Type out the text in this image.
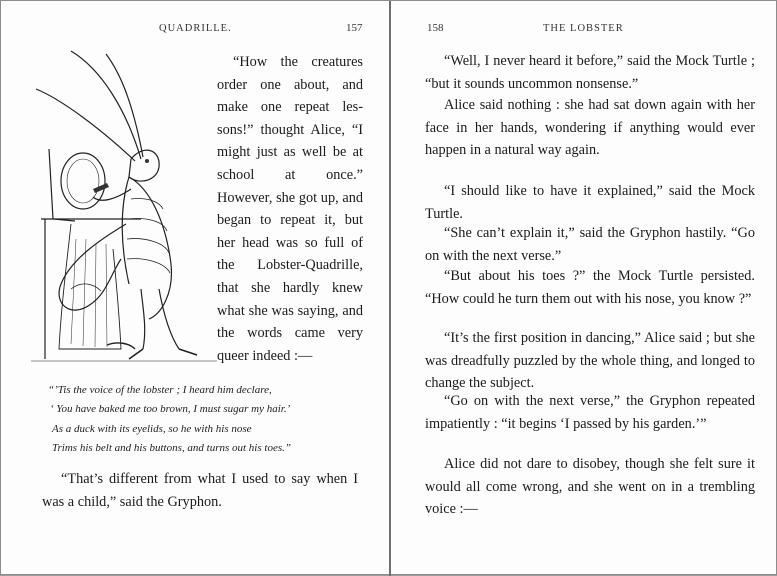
QUADRILLE.	157

“How the creatures order one about, and make one repeat lessons!” thought Alice, “I might just as well be at school at once.” However, she got up, and began to repeat it, but her head was so full of the Lobster-Quadrille, that she hardly knew what she was saying, and the words came very queer indeed :—

“’Tis the voice of the lobster ; I heard him declare,
‘ You have baked me too brown, I must sugar my hair.’
As a duck with its eyelids, so he with his nose
Trims his belt and his buttons, and turns out his toes.”

“That’s different from what I used to say when I was a child,” said the Gryphon.

158	THE LOBSTER

“Well, I never heard it before,” said the Mock Turtle ; “but it sounds uncommon nonsense.”

Alice said nothing : she had sat down again with her face in her hands, wondering if anything would ever happen in a natural way again.

“I should like to have it explained,” said the Mock Turtle.

“She can’t explain it,” said the Gryphon hastily. “Go on with the next verse.”

“But about his toes ?” the Mock Turtle persisted. “How could he turn them out with his nose, you know ?”

“It’s the first position in dancing,” Alice said ; but she was dreadfully puzzled by the whole thing, and longed to change the subject.

“Go on with the next verse,” the Gryphon repeated impatiently : “it begins ‘I passed by his garden.’”

Alice did not dare to disobey, though she felt sure it would all come wrong, and she went on in a trembling voice :—
